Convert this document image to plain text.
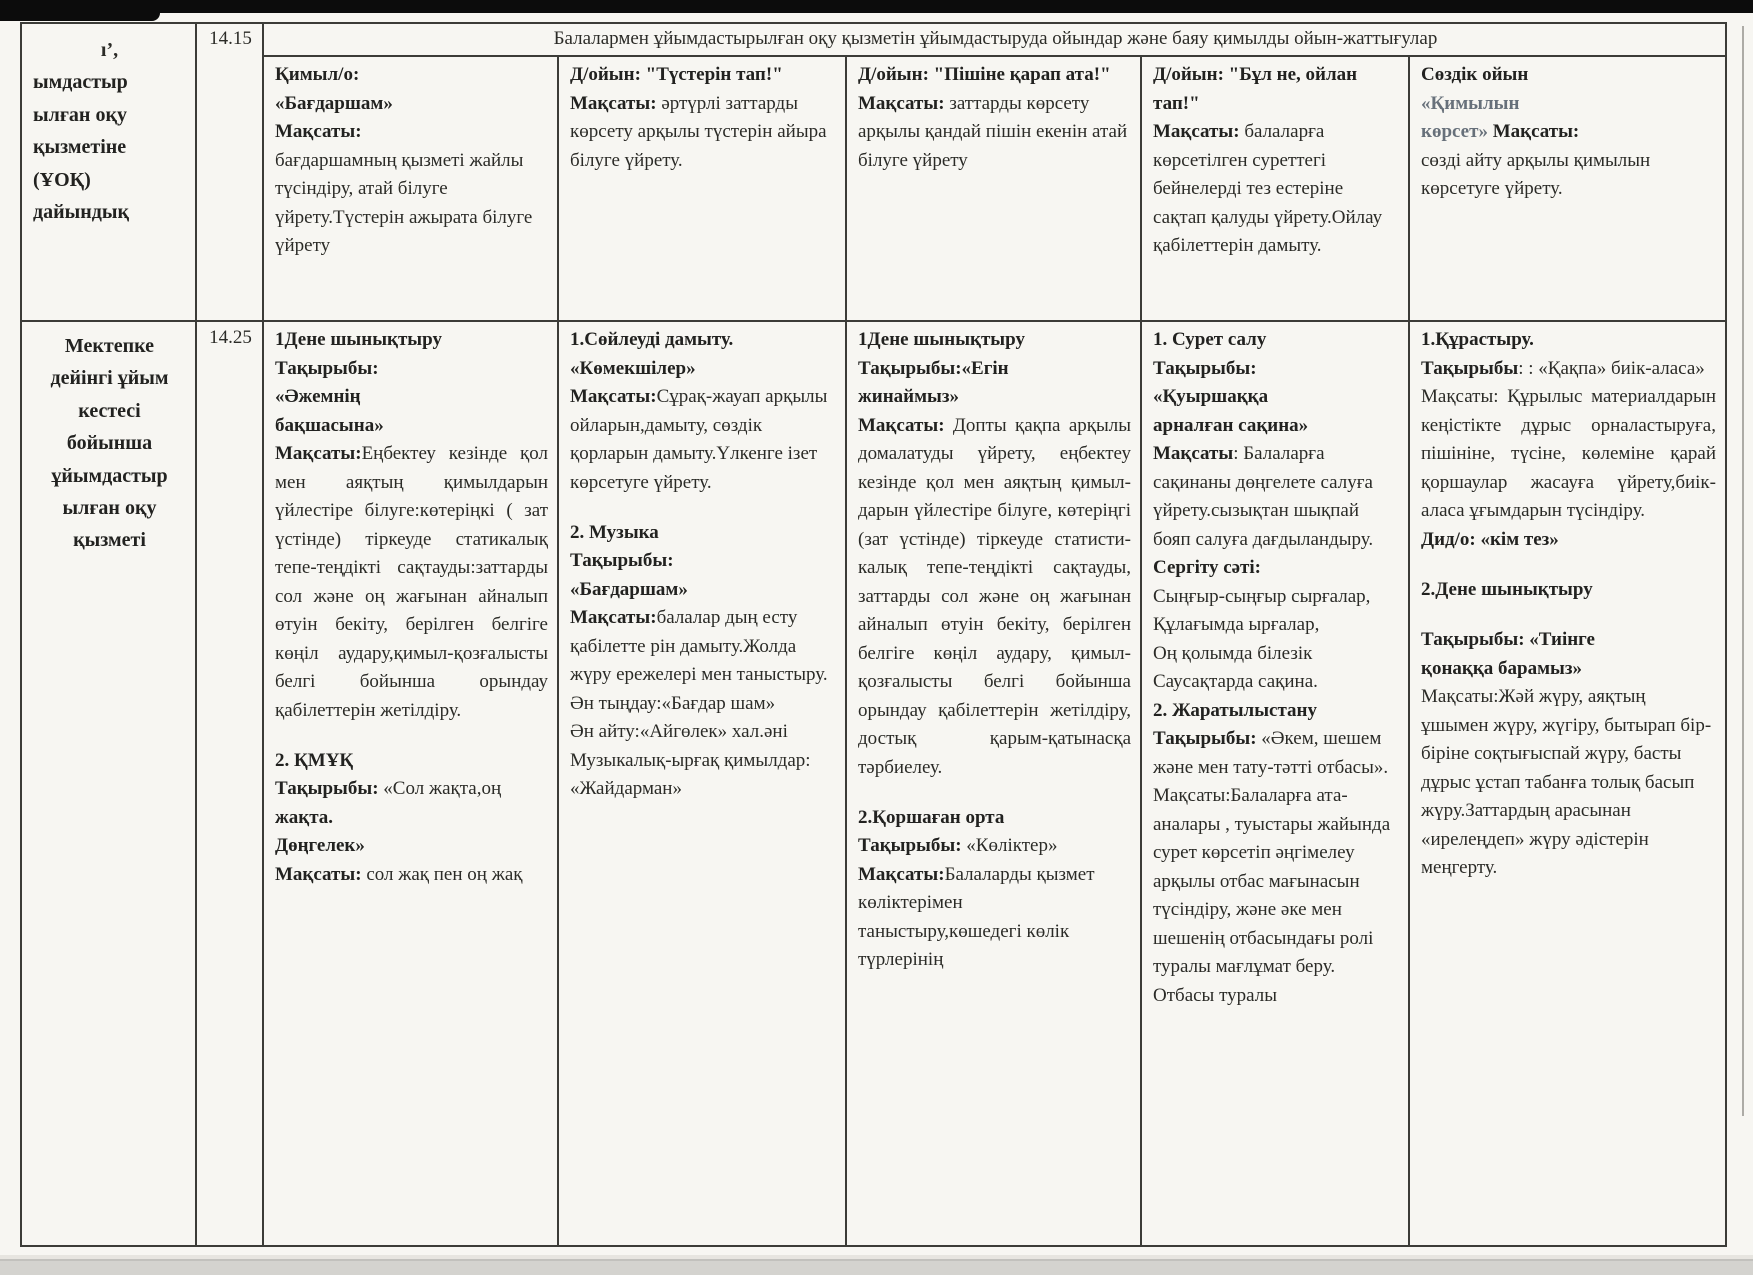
ı’,
ымдастыр
ылған оқу
қызметіне
(ҰОҚ)
дайындық
14.15	Балалармен ұйымдастырылған оқу қызметін ұйымдастыруда ойындар және баяу қимылды ойын-жаттығулар
Қимыл/о:
«Бағдаршам»
Мақсаты:
бағдаршамның қызметі жайлы түсіндіру, атай білуге үйрету.Түстерін ажырата білуге үйрету
Д/ойын: "Түстерін тап!"
Мақсаты: әртүрлі заттарды көрсету арқылы түстерін айыра білуге үйрету.
Д/ойын: "Пішіне қарап ата!"
Мақсаты: заттарды көрсету арқылы қандай пішін екенін атай білуге үйрету
Д/ойын: "Бұл не, ойлан тап!"
Мақсаты: балаларға көрсетілген суреттегі бейнелерді тез естеріне сақтап қалуды үйрету.Ойлау қабілеттерін дамыту.
Сөздік ойын
«Қимылын
көрсет» Мақсаты:
сөзді айту арқылы қимылын көрсетуге үйрету.
Мектепке
дейінгі ұйым
кестесі
бойынша
ұйымдастыр
ылған оқу
қызметі
14.25	1Дене шынықтыру
Тақырыбы:
«Әжемнің
бақшасына»
Мақсаты:Еңбектеу кезінде қол мен аяқтың қимылдарын үйлестіре білуге:көтеріңкі ( зат үстінде) тіркеуде статикалық тепе-теңдікті сақтауды:заттарды сол және оң жағынан айналып өтуін бекіту, берілген белгіге көңіл аудару,қимыл-қозғалысты белгі бойынша орындау қабілеттерін жетілдіру.
2. ҚМҰҚ
Тақырыбы: «Сол жақта,оң жақта.
Дөңгелек»
Мақсаты: сол жақ пен оң жақ
1.Сөйлеуді дамыту.
«Көмекшілер»
Мақсаты:Сұрақ-жауап арқылы ойларын,дамыту, сөздік қорларын дамыту.Үлкенге ізет көрсетуге үйрету.
2. Музыка
Тақырыбы:
«Бағдаршам»
Мақсаты:балалар дың есту қабілетте рін дамыту.Жолда жүру ережелері мен таныстыру.
Ән тыңдау:«Бағдар шам»
Ән айту:«Айгөлек» хал.әні
Музыкалық-ырғақ қимылдар:
«Жайдарман»
1Дене шынықтыру
Тақырыбы:«Егін
жинаймыз»
Мақсаты: Допты қақпа арқылы домалатуды үйрету, еңбектеу кезінде қол мен аяқтың қимыл-дарын үйлестіре білуге, көтеріңгі (зат үстінде) тіркеуде статисти-калық тепе-теңдікті сақтауды, заттарды сол және оң жағынан айналып өтуін бекіту, берілген белгіге көңіл аудару, қимыл-қозғалысты белгі бойынша орындау қабілеттерін жетілдіру, достық қарым-қатынасқа тәрбиелеу.
2.Қоршаған орта
Тақырыбы: «Көліктер»
Мақсаты:Балаларды қызмет көліктерімен таныстыру,көшедегі көлік түрлерінің
1. Сурет салу
Тақырыбы:
«Қуыршаққа
арналған сақина»
Мақсаты: Балаларға сақинаны дөңгелете салуға үйрету.сызықтан шықпай бояп салуға дағдыландыру.
Сергіту сәті:
Сыңғыр-сыңғыр сырғалар,
Құлағымда ырғалар,
Оң қолымда білезік
Саусақтарда сақина.
2. Жаратылыстану
Тақырыбы: «Әкем, шешем және мен тату-тәтті отбасы».
Мақсаты:Балаларға ата-аналары , туыстары жайында сурет көрсетіп әңгімелеу арқылы отбас мағынасын түсіндіру, және әке мен шешенің отбасындағы ролі туралы мағлұмат беру. Отбасы туралы
1.Құрастыру.
Тақырыбы: : «Қақпа» биік-аласа»
Мақсаты: Құрылыс материалдарын кеңістікте дұрыс орналастыруға, пішініне, түсіне, көлеміне қарай қоршаулар жасауға үйрету,биік-аласа ұғымдарын түсіндіру.
Дид/о: «кім тез»
2.Дене шынықтыру
Тақырыбы: «Тиінге
қонаққа барамыз»
Мақсаты:Жәй жүру, аяқтың ұшымен жүру, жүгіру, бытырап бір-біріне соқтығыспай жүру, басты дұрыс ұстап табанға толық басып жүру.Заттардың арасынан «ирелеңдеп» жүру әдістерін меңгерту.
